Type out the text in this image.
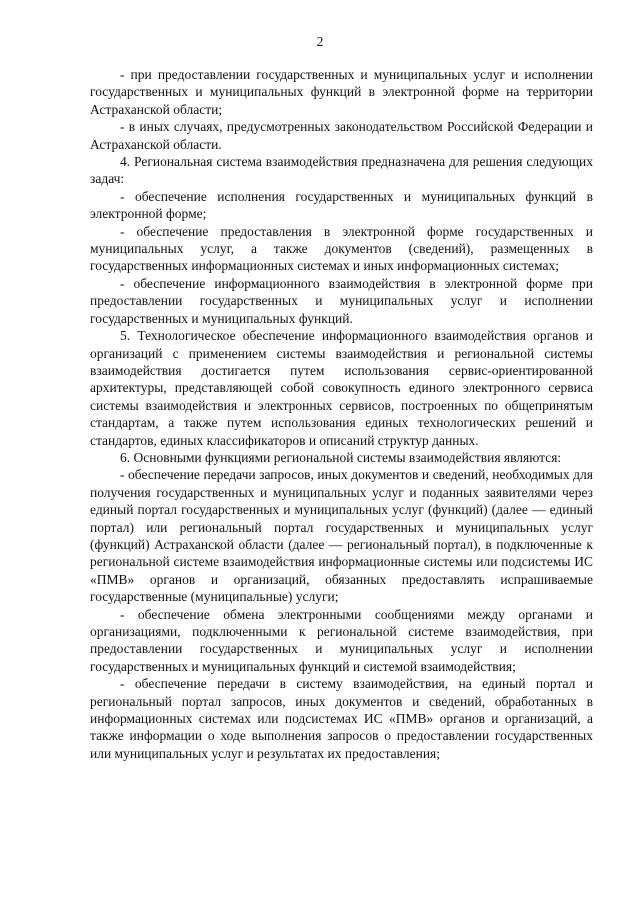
2

- при предоставлении государственных и муниципальных услуг и исполнении государственных и муниципальных функций в электронной форме на территории Астраханской области;

- в иных случаях, предусмотренных законодательством Российской Федерации и Астраханской области.

4. Региональная система взаимодействия предназначена для решения следующих задач:

- обеспечение исполнения государственных и муниципальных функций в электронной форме;

- обеспечение предоставления в электронной форме государственных и муниципальных услуг, а также документов (сведений), размещенных в государственных информационных системах и иных информационных системах;

- обеспечение информационного взаимодействия в электронной форме при предоставлении государственных и муниципальных услуг и исполнении государственных и муниципальных функций.

5. Технологическое обеспечение информационного взаимодействия органов и организаций с применением системы взаимодействия и региональной системы взаимодействия достигается путем использования сервис-ориентированной архитектуры, представляющей собой совокупность единого электронного сервиса системы взаимодействия и электронных сервисов, построенных по общепринятым стандартам, а также путем использования единых технологических решений и стандартов, единых классификаторов и описаний структур данных.

6. Основными функциями региональной системы взаимодействия являются:

- обеспечение передачи запросов, иных документов и сведений, необходимых для получения государственных и муниципальных услуг и поданных заявителями через единый портал государственных и муниципальных услуг (функций) (далее — единый портал) или региональный портал государственных и муниципальных услуг (функций) Астраханской области (далее — региональный портал), в подключенные к региональной системе взаимодействия информационные системы или подсистемы ИС «ПМВ» органов и организаций, обязанных предоставлять испрашиваемые государственные (муниципальные) услуги;

- обеспечение обмена электронными сообщениями между органами и организациями, подключенными к региональной системе взаимодействия, при предоставлении государственных и муниципальных услуг и исполнении государственных и муниципальных функций и системой взаимодействия;

- обеспечение передачи в систему взаимодействия, на единый портал и региональный портал запросов, иных документов и сведений, обработанных в информационных системах или подсистемах ИС «ПМВ» органов и организаций, а также информации о ходе выполнения запросов о предоставлении государственных или муниципальных услуг и результатах их предоставления;
